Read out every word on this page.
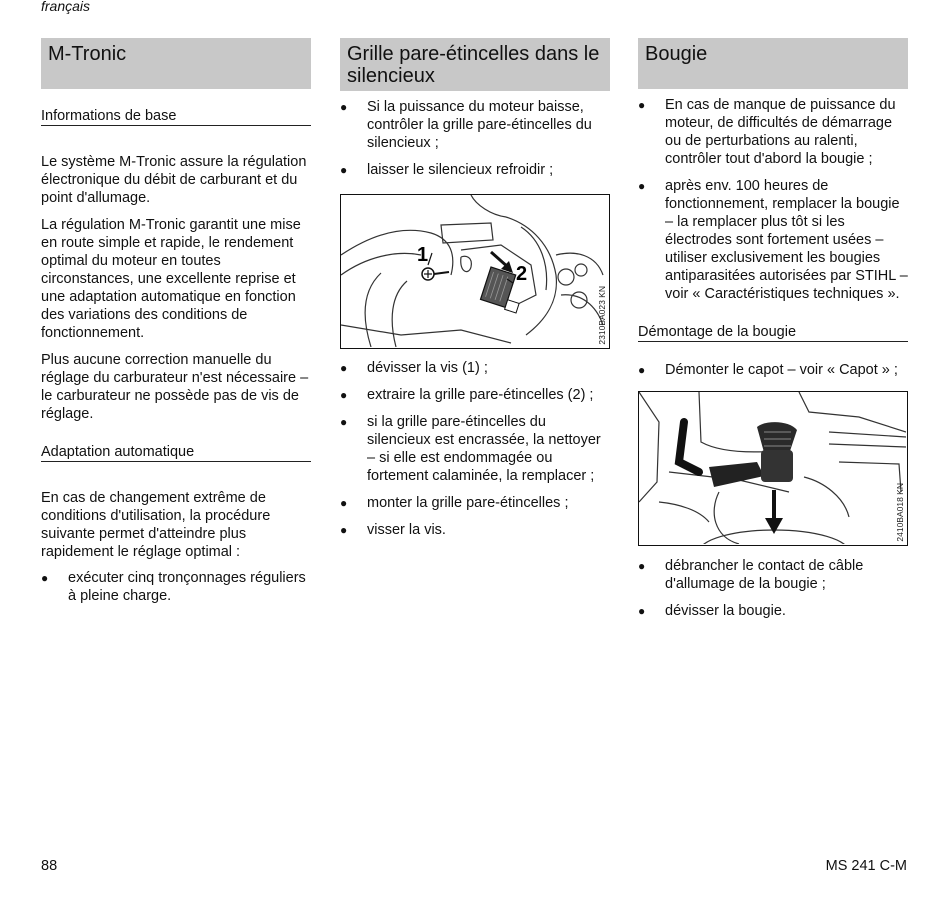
français
M-Tronic
Informations de base

Le système M-Tronic assure la régulation électronique du débit de carburant et du point d'allumage.

La régulation M-Tronic garantit une mise en route simple et rapide, le rendement optimal du moteur en toutes circonstances, une excellente reprise et une adaptation automatique en fonction des variations des conditions de fonctionnement.

Plus aucune correction manuelle du réglage du carburateur n'est nécessaire – le carburateur ne possède pas de vis de réglage.

Adaptation automatique

En cas de changement extrême de conditions d'utilisation, la procédure suivante permet d'atteindre plus rapidement le réglage optimal :

● exécuter cinq tronçonnages réguliers à pleine charge.

Grille pare-étincelles dans le silencieux

● Si la puissance du moteur baisse, contrôler la grille pare-étincelles du silencieux ;

● laisser le silencieux refroidir ;

1
2
2310BA023 KN

● dévisser la vis (1) ;

● extraire la grille pare-étincelles (2) ;

● si la grille pare-étincelles du silencieux est encrassée, la nettoyer – si elle est endommagée ou fortement calaminée, la remplacer ;

● monter la grille pare-étincelles ;

● visser la vis.

Bougie

● En cas de manque de puissance du moteur, de difficultés de démarrage ou de perturbations au ralenti, contrôler tout d'abord la bougie ;

● après env. 100 heures de fonctionnement, remplacer la bougie – la remplacer plus tôt si les électrodes sont fortement usées – utiliser exclusivement les bougies antiparasitées autorisées par STIHL – voir « Caractéristiques techniques ».

Démontage de la bougie

● Démonter le capot – voir « Capot » ;

2410BA018 KN

● débrancher le contact de câble d'allumage de la bougie ;

● dévisser la bougie.

88	MS 241 C-M
